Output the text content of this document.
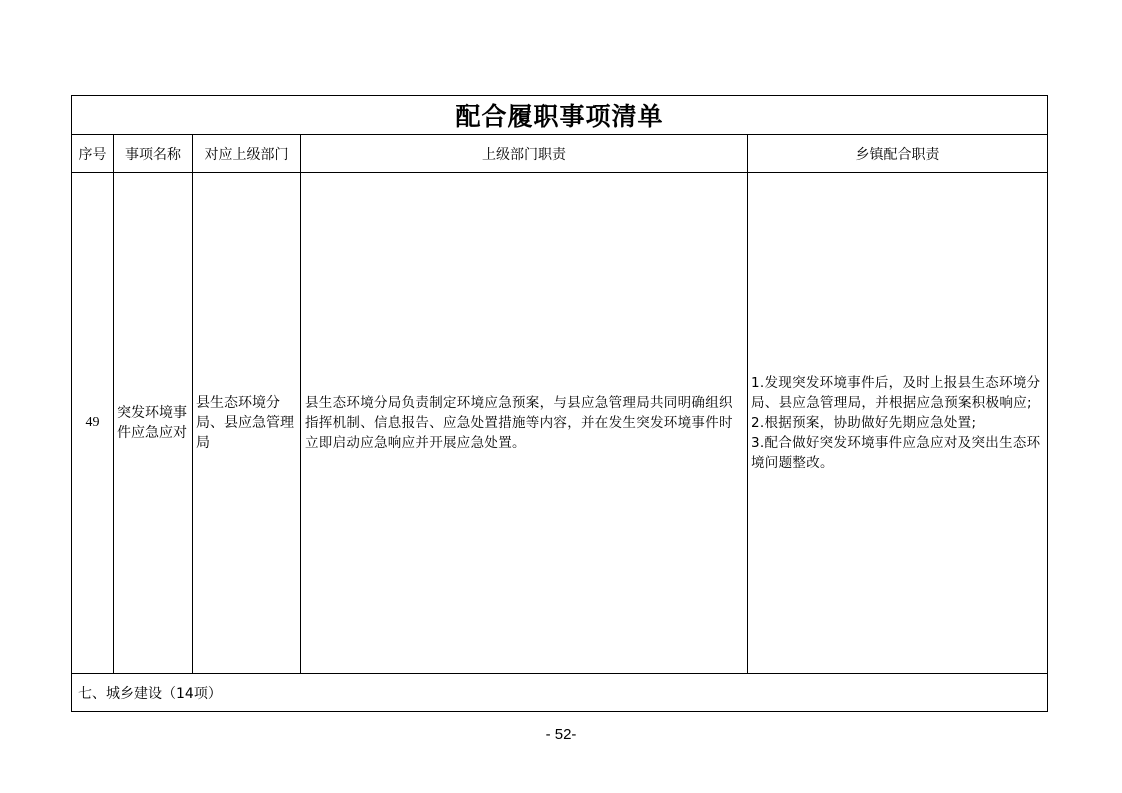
配合履职事项清单				
序号	事项名称	对应上级部门	上级部门职责	乡镇配合职责
49	突发环境事件应急应对	县生态环境分局、县应急管理局	县生态环境分局负责制定环境应急预案，与县应急管理局共同明确组织指挥机制、信息报告、应急处置措施等内容，并在发生突发环境事件时立即启动应急响应并开展应急处置。	1.发现突发环境事件后，及时上报县生态环境分局、县应急管理局，并根据应急预案积极响应;
2.根据预案，协助做好先期应急处置;
3.配合做好突发环境事件应急应对及突出生态环境问题整改。

七、城乡建设（14项）				
- 52-
